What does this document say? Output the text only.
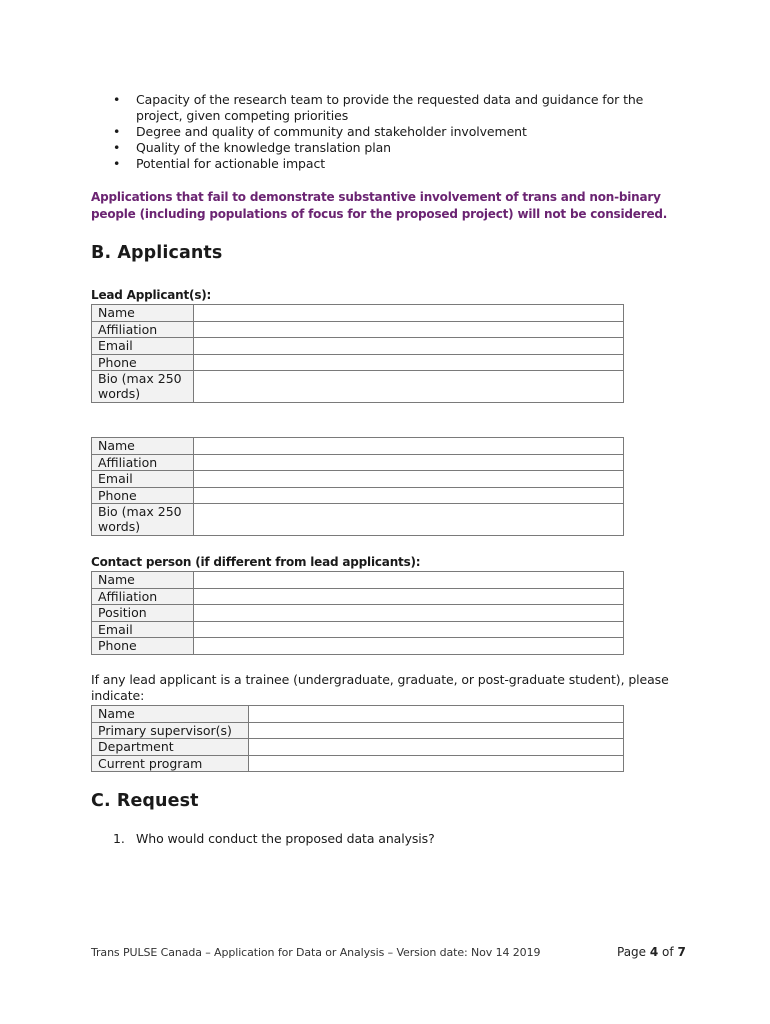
• Capacity of the research team to provide the requested data and guidance for the project, given competing priorities
• Degree and quality of community and stakeholder involvement
• Quality of the knowledge translation plan
• Potential for actionable impact
Applications that fail to demonstrate substantive involvement of trans and non-binary people (including populations of focus for the proposed project) will not be considered.
B. Applicants
Lead Applicant(s):
Name	
Affiliation	
Email	
Phone	
Bio (max 250 words)	
Name	
Affiliation	
Email	
Phone	
Bio (max 250 words)	
Contact person (if different from lead applicants):
Name	
Affiliation	
Position	
Email	
Phone	
If any lead applicant is a trainee (undergraduate, graduate, or post-graduate student), please indicate:
Name	
Primary supervisor(s)	
Department	
Current program	
C. Request
1. Who would conduct the proposed data analysis?
Trans PULSE Canada – Application for Data or Analysis – Version date: Nov 14 2019	Page 4 of 7
